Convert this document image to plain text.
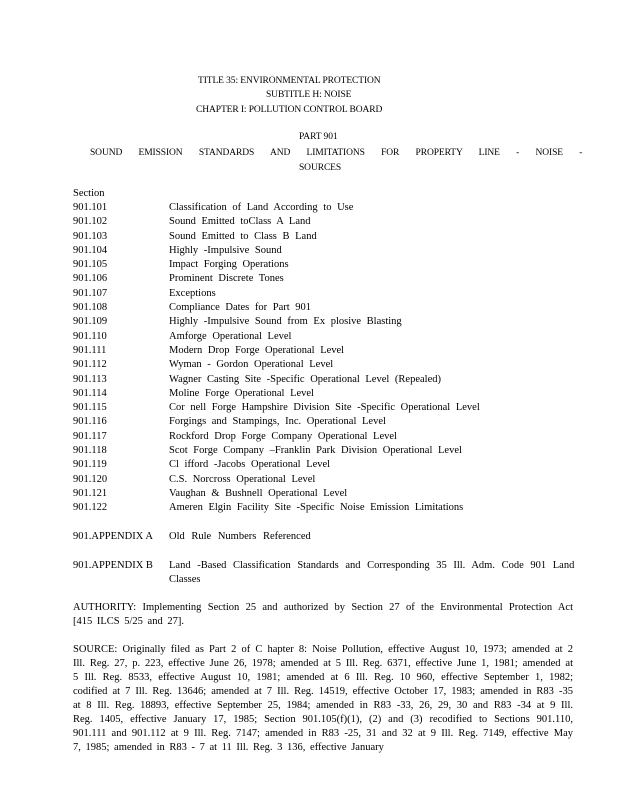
TITLE 35: ENVIRONMENTAL PROTECTION
SUBTITLE H: NOISE
CHAPTER I: POLLUTION CONTROL BOARD
PART 901
SOUND EMISSION STANDARDS AND LIMITATIONS FOR PROPERTY LINE - NOISE -
SOURCES
Section
901.101	Classification of Land According to Use
901.102	Sound Emitted toClass A Land
901.103	Sound Emitted to Class B Land
901.104	Highly -Impulsive Sound
901.105	Impact Forging Operations
901.106	Prominent Discrete Tones
901.107	Exceptions
901.108	Compliance Dates for Part 901
901.109	Highly -Impulsive Sound from Ex plosive Blasting
901.110	Amforge Operational Level
901.111	Modern Drop Forge Operational Level
901.112	Wyman - Gordon Operational Level
901.113	Wagner Casting Site -Specific Operational Level (Repealed)
901.114	Moline Forge Operational Level
901.115	Cor nell Forge Hampshire Division Site -Specific Operational Level
901.116	Forgings and Stampings, Inc. Operational Level
901.117	Rockford Drop Forge Company Operational Level
901.118	Scot Forge Company –Franklin Park Division Operational Level
901.119	Cl ifford -Jacobs Operational Level
901.120	C.S. Norcross Operational Level
901.121	Vaughan & Bushnell Operational Level
901.122	Ameren Elgin Facility Site -Specific Noise Emission Limitations
901.APPENDIX A	Old Rule Numbers Referenced
901.APPENDIX B	Land -Based Classification Standards and Corresponding 35 Ill. Adm. Code 901 Land Classes
AUTHORITY: Implementing Section 25 and authorized by Section 27 of the Environmental Protection Act [415 ILCS 5/25 and 27].
SOURCE: Originally filed as Part 2 of C hapter 8: Noise Pollution, effective August 10, 1973; amended at 2 Ill. Reg. 27, p. 223, effective June 26, 1978; amended at 5 Ill. Reg. 6371, effective June 1, 1981; amended at 5 Ill. Reg. 8533, effective August 10, 1981; amended at 6 Ill. Reg. 10 960, effective September 1, 1982; codified at 7 Ill. Reg. 13646; amended at 7 Ill. Reg. 14519, effective October 17, 1983; amended in R83 -35 at 8 Ill. Reg. 18893, effective September 25, 1984; amended in R83 -33, 26, 29, 30 and R83 -34 at 9 Ill. Reg. 1405, effective January 17, 1985; Section 901.105(f)(1), (2) and (3) recodified to Sections 901.110, 901.111 and 901.112 at 9 Ill. Reg. 7147; amended in R83 -25, 31 and 32 at 9 Ill. Reg. 7149, effective May 7, 1985; amended in R83 - 7 at 11 Ill. Reg. 3 136, effective January
